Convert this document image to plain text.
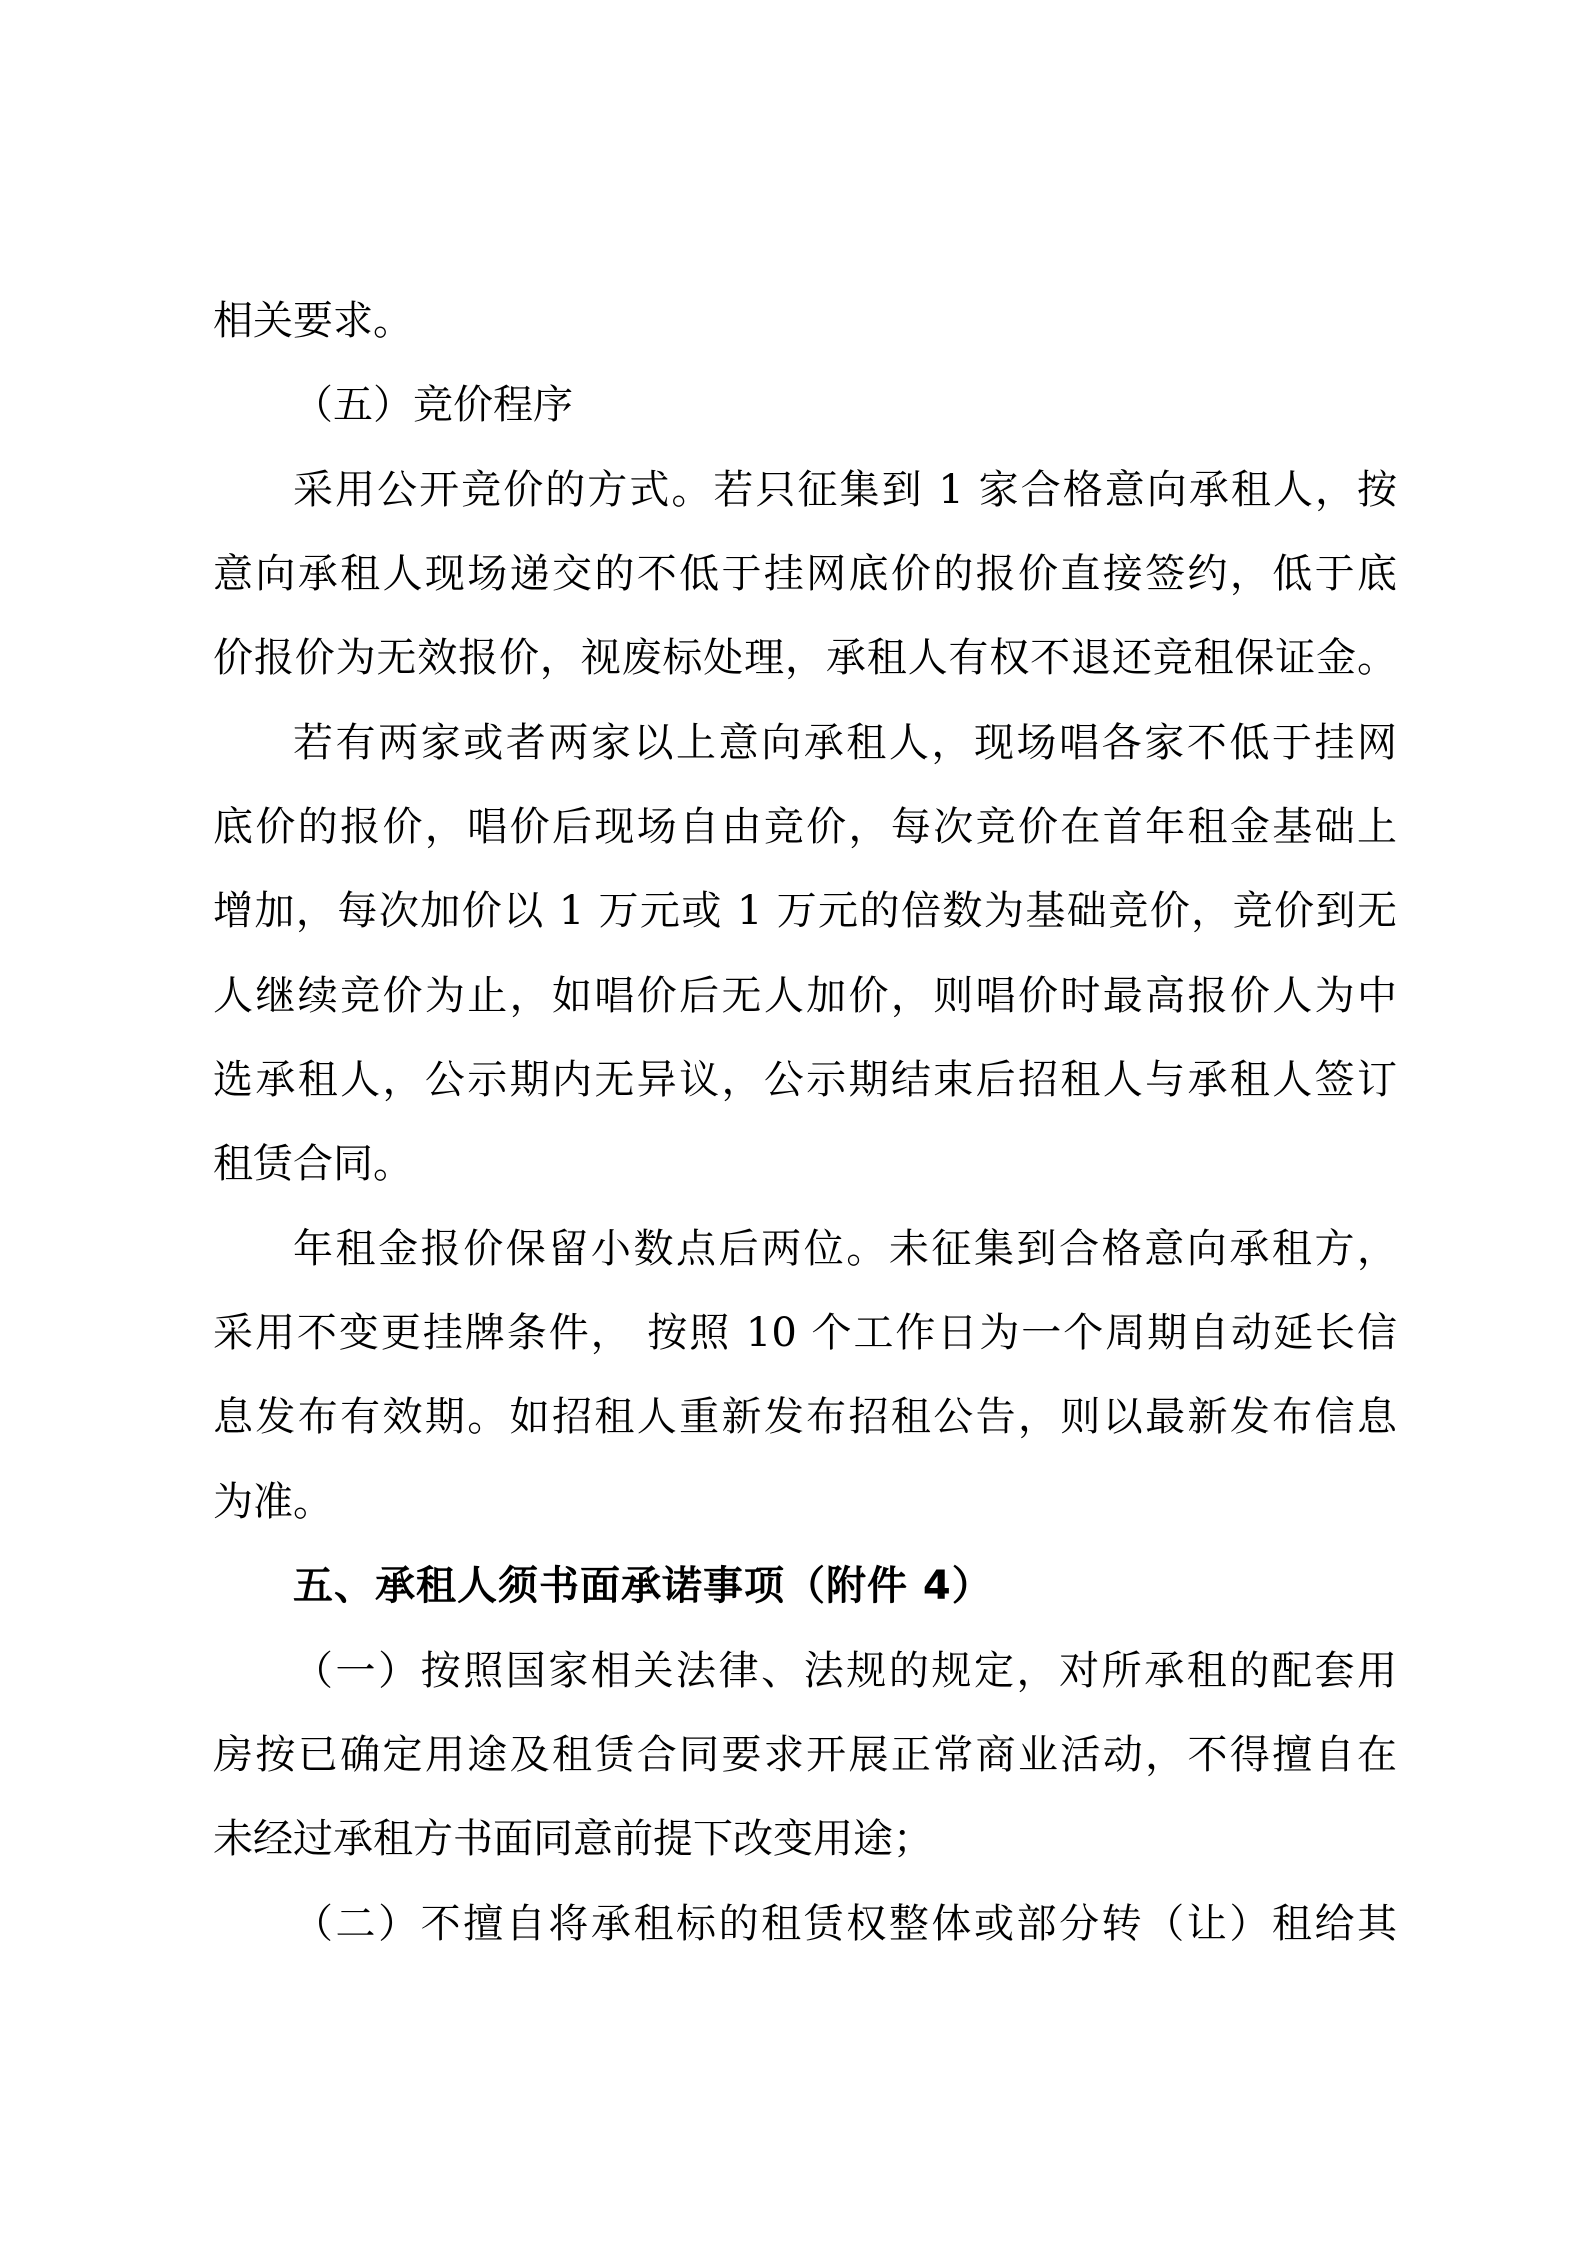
相关要求。
（五）竞价程序
采用公开竞价的方式。若只征集到 1 家合格意向承租人，按
意向承租人现场递交的不低于挂网底价的报价直接签约，低于底
价报价为无效报价，视废标处理，承租人有权不退还竞租保证金。
若有两家或者两家以上意向承租人，现场唱各家不低于挂网
底价的报价，唱价后现场自由竞价，每次竞价在首年租金基础上
增加，每次加价以 1 万元或 1 万元的倍数为基础竞价，竞价到无
人继续竞价为止，如唱价后无人加价，则唱价时最高报价人为中
选承租人，公示期内无异议，公示期结束后招租人与承租人签订
租赁合同。
年租金报价保留小数点后两位。未征集到合格意向承租方，
采用不变更挂牌条件， 按照 10 个工作日为一个周期自动延长信
息发布有效期。如招租人重新发布招租公告，则以最新发布信息
为准。
五、承租人须书面承诺事项（附件 4）
（一）按照国家相关法律、法规的规定，对所承租的配套用
房按已确定用途及租赁合同要求开展正常商业活动，不得擅自在
未经过承租方书面同意前提下改变用途；
（二）不擅自将承租标的租赁权整体或部分转（让）租给其
